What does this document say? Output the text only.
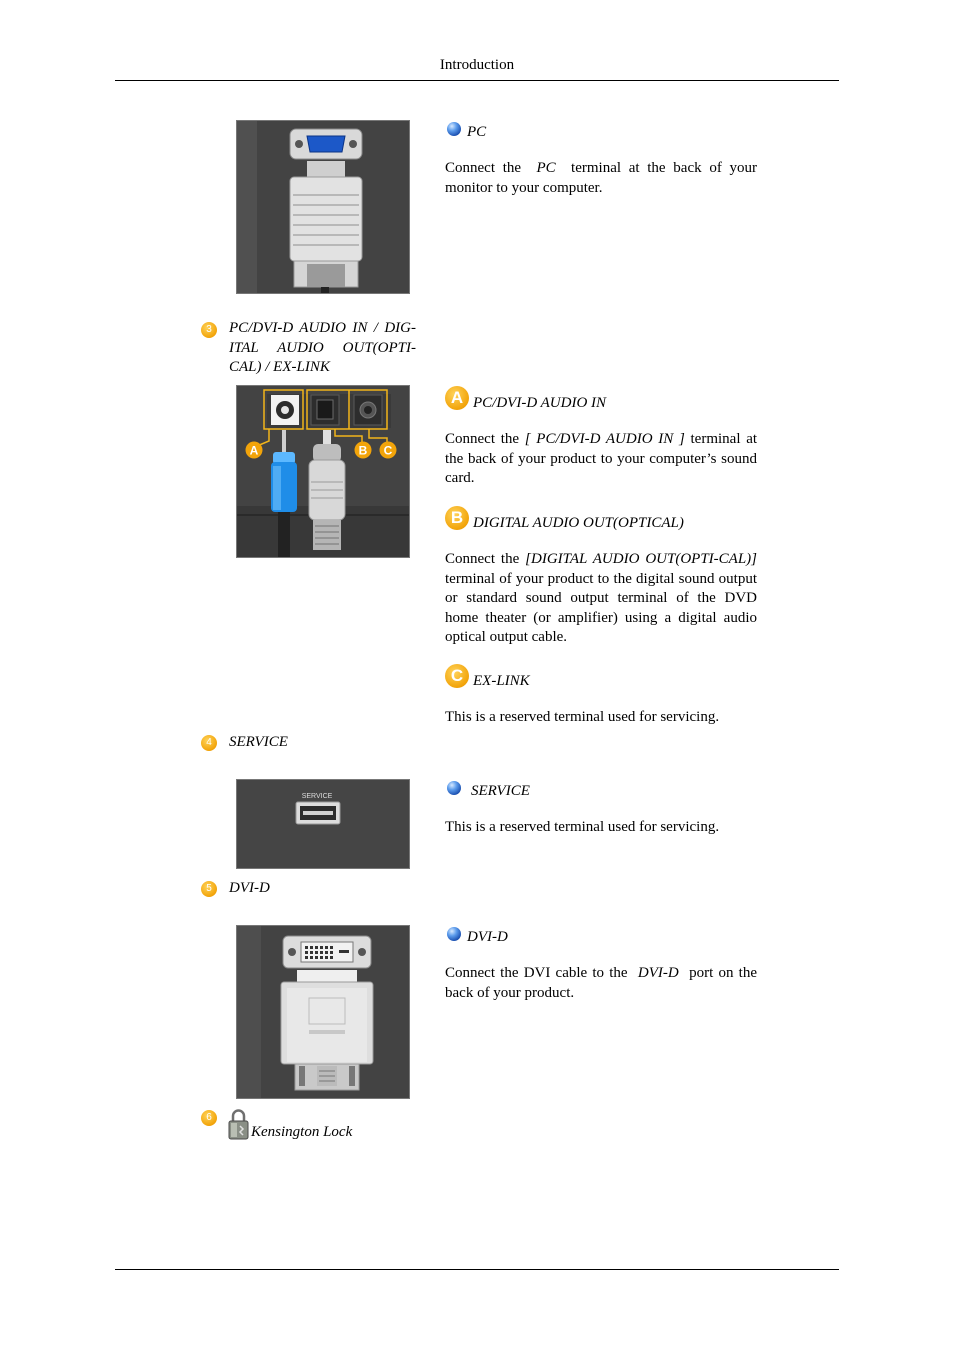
Introduction
PC
Connect the PC terminal at the back of your monitor to your computer.
3	PC/DVI-D AUDIO IN / DIG-
ITAL AUDIO OUT(OPTI-
CAL) / EX-LINK
A	B C
A PC/DVI-D AUDIO IN
Connect the [ PC/DVI-D AUDIO IN ] terminal at the back of your product to your computer’s sound card.
B DIGITAL AUDIO OUT(OPTICAL)
Connect the [DIGITAL AUDIO OUT(OPTI-CAL)] terminal of your product to the digital sound output or standard sound output terminal of the DVD home theater (or amplifier) using a digital audio optical output cable.
C EX-LINK
This is a reserved terminal used for servicing.
4	SERVICE
SERVICE	SERVICE
This is a reserved terminal used for servicing.
5	DVI-D
DVI-D
Connect the DVI cable to the DVI-D port on the back of your product.
6
Kensington Lock
